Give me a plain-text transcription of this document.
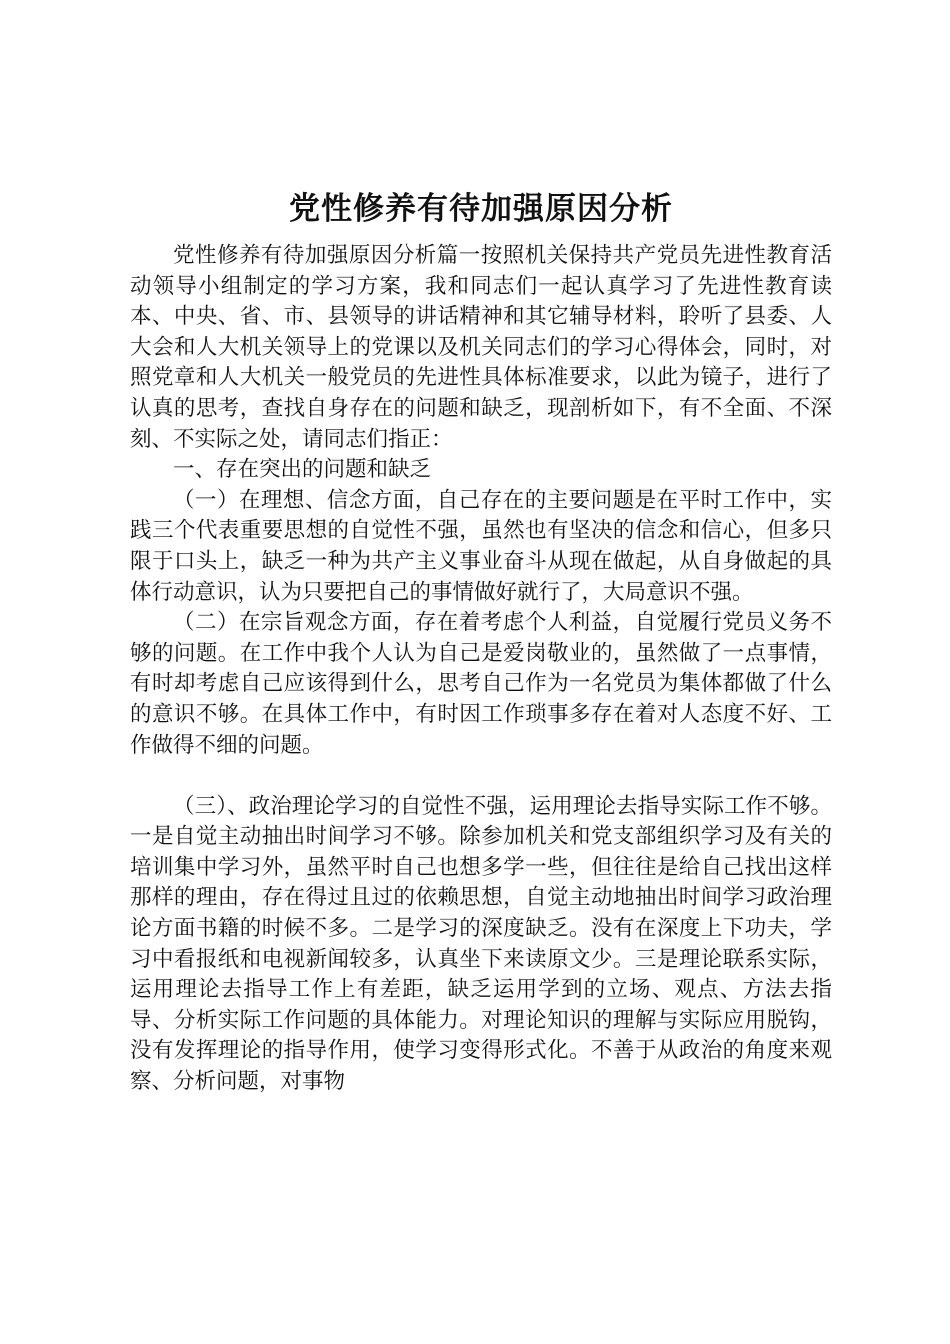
党性修养有待加强原因分析

党性修养有待加强原因分析篇一按照机关保持共产党员先进性教育活动领导小组制定的学习方案，我和同志们一起认真学习了先进性教育读本、中央、省、市、县领导的讲话精神和其它辅导材料，聆听了县委、人大会和人大机关领导上的党课以及机关同志们的学习心得体会，同时，对照党章和人大机关一般党员的先进性具体标准要求，以此为镜子，进行了认真的思考，查找自身存在的问题和缺乏，现剖析如下，有不全面、不深刻、不实际之处，请同志们指正：

一、存在突出的问题和缺乏

（一）在理想、信念方面，自己存在的主要问题是在平时工作中，实践三个代表重要思想的自觉性不强，虽然也有坚决的信念和信心，但多只限于口头上，缺乏一种为共产主义事业奋斗从现在做起，从自身做起的具体行动意识，认为只要把自己的事情做好就行了，大局意识不强。

（二）在宗旨观念方面，存在着考虑个人利益，自觉履行党员义务不够的问题。在工作中我个人认为自己是爱岗敬业的，虽然做了一点事情，有时却考虑自己应该得到什么，思考自己作为一名党员为集体都做了什么的意识不够。在具体工作中，有时因工作琐事多存在着对人态度不好、工作做得不细的问题。

（三）、政治理论学习的自觉性不强，运用理论去指导实际工作不够。一是自觉主动抽出时间学习不够。除参加机关和党支部组织学习及有关的培训集中学习外，虽然平时自己也想多学一些，但往往是给自己找出这样那样的理由，存在得过且过的依赖思想，自觉主动地抽出时间学习政治理论方面书籍的时候不多。二是学习的深度缺乏。没有在深度上下功夫，学习中看报纸和电视新闻较多，认真坐下来读原文少。三是理论联系实际，运用理论去指导工作上有差距，缺乏运用学到的立场、观点、方法去指导、分析实际工作问题的具体能力。对理论知识的理解与实际应用脱钩，没有发挥理论的指导作用，使学习变得形式化。不善于从政治的角度来观察、分析问题，对事物
